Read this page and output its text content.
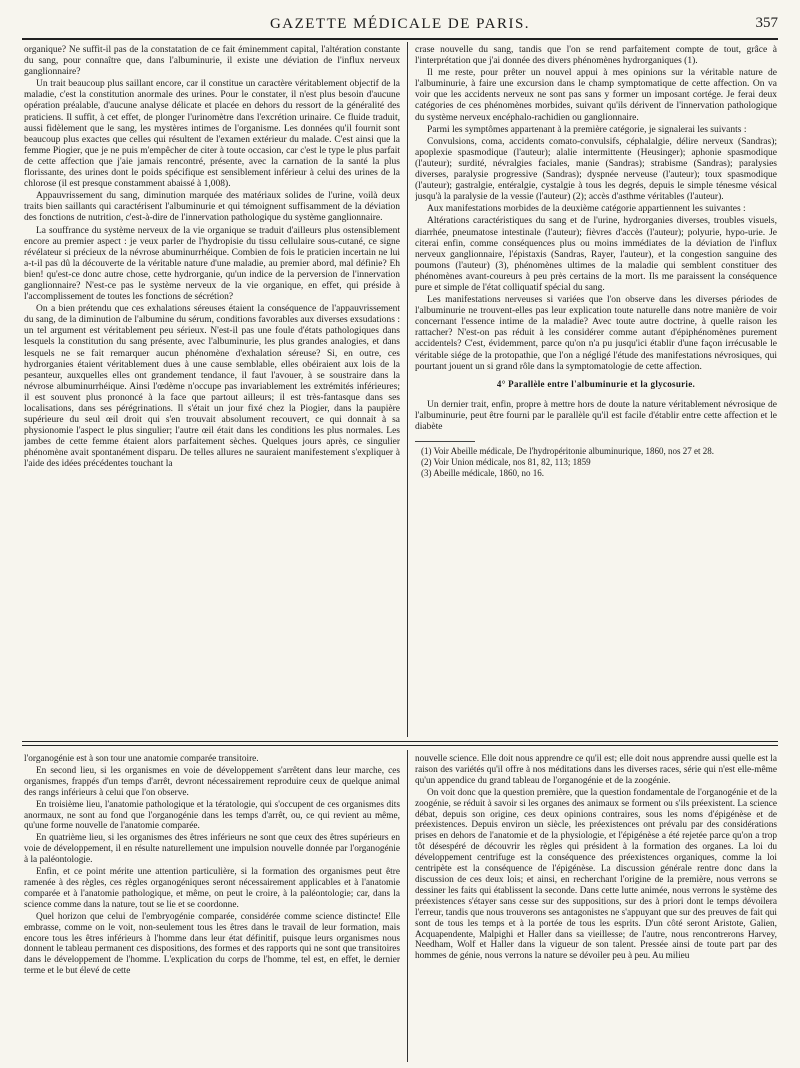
GAZETTE MÉDICALE DE PARIS.	357

organique? Ne suffit-il pas de la constatation de ce fait éminemment capital, l'altération constante du sang, pour connaître que, dans l'albuminurie, il existe une déviation de l'influx nerveux ganglionnaire?

Un trait beaucoup plus saillant encore, car il constitue un caractère véritablement objectif de la maladie, c'est la constitution anormale des urines. Pour le constater, il n'est plus besoin d'aucune opération préalable, d'aucune analyse délicate et placée en dehors du ressort de la généralité des praticiens. Il suffit, à cet effet, de plonger l'urinomètre dans l'excrétion urinaire. Ce fluide traduit, aussi fidèlement que le sang, les mystères intimes de l'organisme. Les données qu'il fournit sont beaucoup plus exactes que celles qui résultent de l'examen extérieur du malade. C'est ainsi que la femme Piogier, que je ne puis m'empêcher de citer à toute occasion, car c'est le type le plus parfait de cette affection que j'aie jamais rencontré, présente, avec la carnation de la santé la plus florissante, des urines dont le poids spécifique est sensiblement inférieur à celui des urines de la chlorose (il est presque constamment abaissé à 1,008).

Appauvrissement du sang, diminution marquée des matériaux solides de l'urine, voilà deux traits bien saillants qui caractérisent l'albuminurie et qui témoignent suffisamment de la déviation des fonctions de nutrition, c'est-à-dire de l'innervation pathologique du système ganglionnaire.

La souffrance du système nerveux de la vie organique se traduit d'ailleurs plus ostensiblement encore au premier aspect : je veux parler de l'hydropisie du tissu cellulaire sous-cutané, ce signe révélateur si précieux de la névrose abuminurrhéique. Combien de fois le praticien incertain ne lui a-t-il pas dû la découverte de la véritable nature d'une maladie, au premier abord, mal définie? Eh bien! qu'est-ce donc autre chose, cette hydrorganie, qu'un indice de la perversion de l'innervation ganglionnaire? N'est-ce pas le système nerveux de la vie organique, en effet, qui préside à l'accomplissement de toutes les fonctions de sécrétion?

On a bien prétendu que ces exhalations séreuses étaient la conséquence de l'appauvrissement du sang, de la diminution de l'albumine du sérum, conditions favorables aux diverses exsudations : un tel argument est véritablement peu sérieux. N'est-il pas une foule d'états pathologiques dans lesquels la constitution du sang présente, avec l'albuminurie, les plus grandes analogies, et dans lesquels ne se fait remarquer aucun phénomène d'exhalation séreuse? Si, en outre, ces hydrorganies étaient véritablement dues à une cause semblable, elles obéiraient aux lois de la pesanteur, auxquelles elles ont grandement tendance, il faut l'avouer, à se soustraire dans la névrose albuminurrhéique. Ainsi l'œdème n'occupe pas invariablement les extrémités inférieures; il est souvent plus prononcé à la face que partout ailleurs; il est très-fantasque dans ses localisations, dans ses pérégrinations. Il s'était un jour fixé chez la Piogier, dans la paupière supérieure du seul œil droit qui s'en trouvait absolument recouvert, ce qui donnait à sa physionomie l'aspect le plus singulier; l'autre œil était dans les conditions les plus normales. Les jambes de cette femme étaient alors parfaitement sèches. Quelques jours après, ce singulier phénomène avait spontanément disparu. De telles allures ne sauraient manifestement s'expliquer à l'aide des idées précédentes touchant la

crase nouvelle du sang, tandis que l'on se rend parfaitement compte de tout, grâce à l'interprétation que j'ai donnée des divers phénomènes hydrorganiques (1).

Il me reste, pour prêter un nouvel appui à mes opinions sur la véritable nature de l'albuminurie, à faire une excursion dans le champ symptomatique de cette affection. On va voir que les accidents nerveux ne sont pas sans y former un imposant cortége. Je ferai deux catégories de ces phénomènes morbides, suivant qu'ils dérivent de l'innervation pathologique du système nerveux encéphalo-rachidien ou ganglionnaire.

Parmi les symptômes appartenant à la première catégorie, je signalerai les suivants :

Convulsions, coma, accidents comato-convulsifs, céphalalgie, délire nerveux (Sandras); apoplexie spasmodique (l'auteur); alalie intermittente (Heusinger); aphonie spasmodique (l'auteur); surdité, névralgies faciales, manie (Sandras); strabisme (Sandras); paralysies diverses, paralysie progressive (Sandras); dyspnée nerveuse (l'auteur); toux spasmodique (l'auteur); gastralgie, entéralgie, cystalgie à tous les degrés, depuis le simple ténesme vésical jusqu'à la paralysie de la vessie (l'auteur) (2); accès d'asthme véritables (l'auteur).

Aux manifestations morbides de la deuxième catégorie appartiennent les suivantes :

Altérations caractéristiques du sang et de l'urine, hydrorganies diverses, troubles visuels, diarrhée, pneumatose intestinale (l'auteur); fièvres d'accès (l'auteur); polyurie, hypo-urie. Je citerai enfin, comme conséquences plus ou moins immédiates de la déviation de l'influx nerveux ganglionnaire, l'épistaxis (Sandras, Rayer, l'auteur), et la congestion sanguine des poumons (l'auteur) (3), phénomènes ultimes de la maladie qui semblent constituer des phénomènes avant-coureurs à peu près certains de la mort. Ils me paraissent la conséquence pure et simple de l'état colliquatif spécial du sang.

Les manifestations nerveuses si variées que l'on observe dans les diverses périodes de l'albuminurie ne trouvent-elles pas leur explication toute naturelle dans notre manière de voir concernant l'essence intime de la maladie? Avec toute autre doctrine, à quelle raison les rattacher? N'est-on pas réduit à les considérer comme autant d'épiphénomènes purement accidentels? C'est, évidemment, parce qu'on n'a pu jusqu'ici établir d'une façon irrécusable le véritable siége de la protopathie, que l'on a négligé l'étude des manifestations névrosiques, qui pourtant jouent un si grand rôle dans la symptomatologie de cette affection.

4° Parallèle entre l'albuminurie et la glycosurie.

Un dernier trait, enfin, propre à mettre hors de doute la nature véritablement névrosique de l'albuminurie, peut être fourni par le parallèle qu'il est facile d'établir entre cette affection et le diabète

(1) Voir Abeille médicale, De l'hydropéritonie albuminurique, 1860, nos 27 et 28.

(2) Voir Union médicale, nos 81, 82, 113; 1859

(3) Abeille médicale, 1860, no 16.

l'organogénie est à son tour une anatomie comparée transitoire.

En second lieu, si les organismes en voie de développement s'arrêtent dans leur marche, ces organismes, frappés d'un temps d'arrêt, devront nécessairement reproduire ceux de quelque animal des rangs inférieurs à celui que l'on observe.

En troisième lieu, l'anatomie pathologique et la tératologie, qui s'occupent de ces organismes dits anormaux, ne sont au fond que l'organogénie dans les temps d'arrêt, ou, ce qui revient au même, qu'une forme nouvelle de l'anatomie comparée.

En quatrième lieu, si les organismes des êtres inférieurs ne sont que ceux des êtres supérieurs en voie de développement, il en résulte naturellement une impulsion nouvelle donnée par l'organogénie à la paléontologie.

Enfin, et ce point mérite une attention particulière, si la formation des organismes peut être ramenée à des règles, ces règles organogéniques seront nécessairement applicables et à l'anatomie comparée et à l'anatomie pathologique, et même, on peut le croire, à la paléontologie; car, dans la science comme dans la nature, tout se lie et se coordonne.

Quel horizon que celui de l'embryogénie comparée, considérée comme science distincte! Elle embrasse, comme on le voit, non-seulement tous les êtres dans le travail de leur formation, mais encore tous les êtres inférieurs à l'homme dans leur état définitif, puisque leurs organismes nous donnent le tableau permanent ces dispositions, des formes et des rapports qui ne sont que transitoires dans le développement de l'homme. L'explication du corps de l'homme, tel est, en effet, le dernier terme et le but élevé de cette

nouvelle science. Elle doit nous apprendre ce qu'il est; elle doit nous apprendre aussi quelle est la raison des variétés qu'il offre à nos méditations dans les diverses races, série qui n'est elle-même qu'un appendice du grand tableau de l'organogénie et de la zoogénie.

On voit donc que la question première, que la question fondamentale de l'organogénie et de la zoogénie, se réduit à savoir si les organes des animaux se forment ou s'ils préexistent. La science débat, depuis son origine, ces deux opinions contraires, sous les noms d'épigénèse et de préexistences. Depuis environ un siècle, les préexistences ont prévalu par des considérations prises en dehors de l'anatomie et de la physiologie, et l'épigénèse a été rejetée parce qu'on a trop tôt désespéré de découvrir les règles qui président à la formation des organes. La loi du développement centrifuge est la conséquence des préexistences organiques, comme la loi centripète est la conséquence de l'épigénèse. La discussion générale rentre donc dans la discussion de ces deux lois; et ainsi, en recherchant l'origine de la première, nous verrons se dessiner les faits qui établissent la seconde. Dans cette lutte animée, nous verrons le système des préexistences s'étayer sans cesse sur des suppositions, sur des à priori dont le temps dévoilera l'erreur, tandis que nous trouverons ses antagonistes ne s'appuyant que sur des preuves de fait qui sont de tous les temps et à la portée de tous les esprits. D'un côté seront Aristote, Galien, Acquapendente, Malpighi et Haller dans sa vieillesse; de l'autre, nous rencontrerons Harvey, Needham, Wolf et Haller dans la vigueur de son talent. Pressée ainsi de toute part par des hommes de génie, nous verrons la nature se dévoiler peu à peu. Au milieu
